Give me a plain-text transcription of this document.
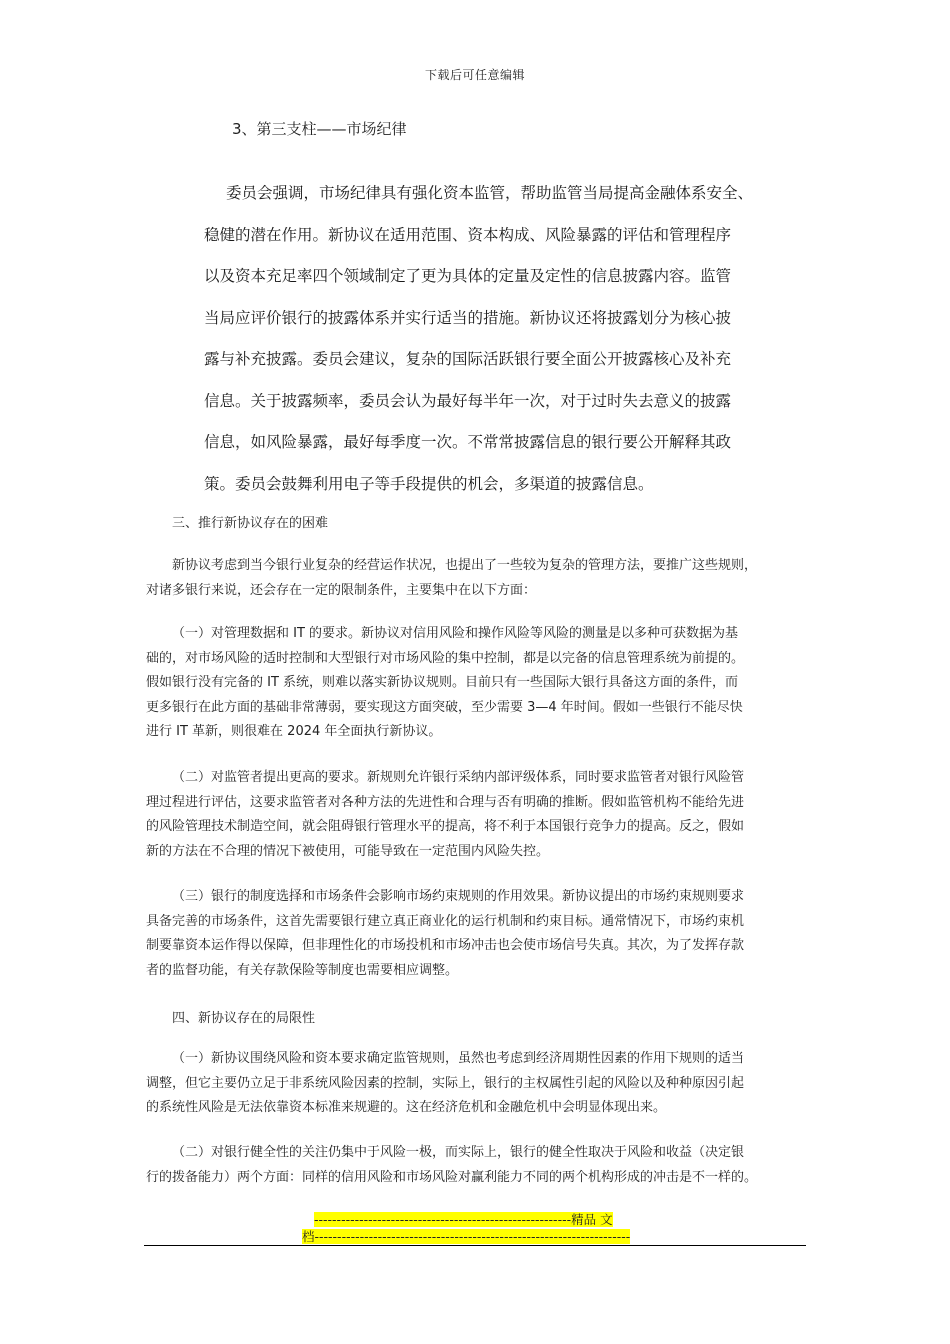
下载后可任意编辑
3、第三支柱——市场纪律
委员会强调，市场纪律具有强化资本监管，帮助监管当局提高金融体系安全、
稳健的潜在作用。新协议在适用范围、资本构成、风险暴露的评估和管理程序
以及资本充足率四个领域制定了更为具体的定量及定性的信息披露内容。监管
当局应评价银行的披露体系并实行适当的措施。新协议还将披露划分为核心披
露与补充披露。委员会建议，复杂的国际活跃银行要全面公开披露核心及补充
信息。关于披露频率，委员会认为最好每半年一次，对于过时失去意义的披露
信息，如风险暴露，最好每季度一次。不常常披露信息的银行要公开解释其政
策。委员会鼓舞利用电子等手段提供的机会，多渠道的披露信息。
三、推行新协议存在的困难
新协议考虑到当今银行业复杂的经营运作状况，也提出了一些较为复杂的管理方法，要推广这些规则，
对诸多银行来说，还会存在一定的限制条件，主要集中在以下方面：
（一）对管理数据和 IT 的要求。新协议对信用风险和操作风险等风险的测量是以多种可获数据为基
础的，对市场风险的适时控制和大型银行对市场风险的集中控制，都是以完备的信息管理系统为前提的。
假如银行没有完备的 IT 系统，则难以落实新协议规则。目前只有一些国际大银行具备这方面的条件，而
更多银行在此方面的基础非常薄弱，要实现这方面突破，至少需要 3—4 年时间。假如一些银行不能尽快
进行 IT 革新，则很难在 2024 年全面执行新协议。
（二）对监管者提出更高的要求。新规则允许银行采纳内部评级体系，同时要求监管者对银行风险管
理过程进行评估，这要求监管者对各种方法的先进性和合理与否有明确的推断。假如监管机构不能给先进
的风险管理技术制造空间，就会阻碍银行管理水平的提高，将不利于本国银行竞争力的提高。反之，假如
新的方法在不合理的情况下被使用，可能导致在一定范围内风险失控。
（三）银行的制度选择和市场条件会影响市场约束规则的作用效果。新协议提出的市场约束规则要求
具备完善的市场条件，这首先需要银行建立真正商业化的运行机制和约束目标。通常情况下，市场约束机
制要靠资本运作得以保障，但非理性化的市场投机和市场冲击也会使市场信号失真。其次，为了发挥存款
者的监督功能，有关存款保险等制度也需要相应调整。
四、新协议存在的局限性
（一）新协议围绕风险和资本要求确定监管规则，虽然也考虑到经济周期性因素的作用下规则的适当
调整，但它主要仍立足于非系统风险因素的控制，实际上，银行的主权属性引起的风险以及种种原因引起
的系统性风险是无法依靠资本标准来规避的。这在经济危机和金融危机中会明显体现出来。
（二）对银行健全性的关注仍集中于风险一极，而实际上，银行的健全性取决于风险和收益（决定银
行的拨备能力）两个方面：同样的信用风险和市场风险对赢利能力不同的两个机构形成的冲击是不一样的。
---------------------------------------------------------精品 文
档----------------------------------------------------------------------
